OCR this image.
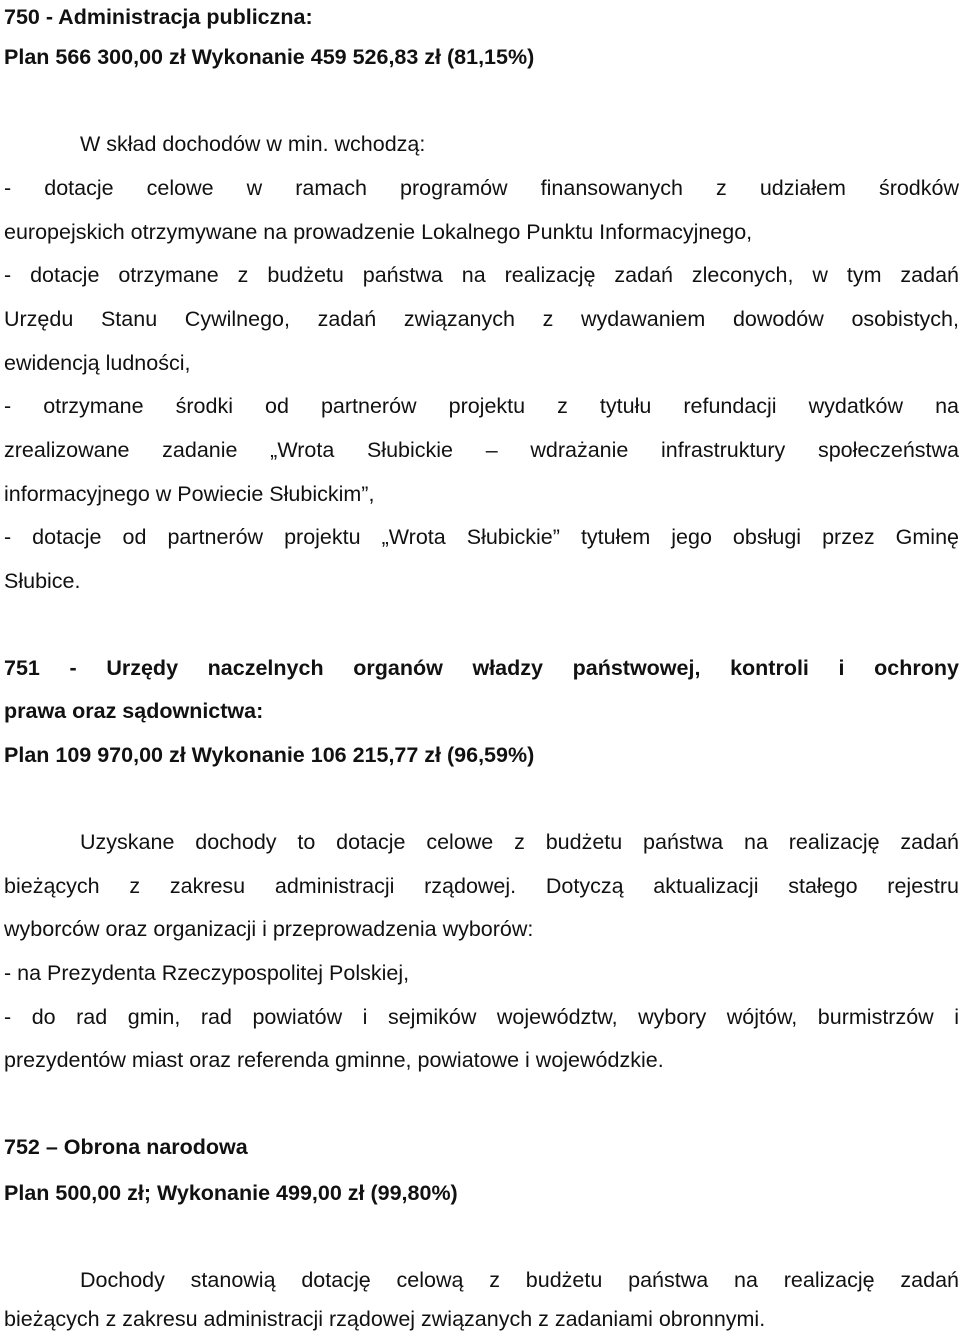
750 - Administracja publiczna:
Plan 566 300,00 zł Wykonanie 459 526,83 zł (81,15%)
W skład dochodów w min. wchodzą:
- dotacje celowe w ramach programów finansowanych z udziałem środków
europejskich otrzymywane na prowadzenie Lokalnego Punktu Informacyjnego,
- dotacje otrzymane z budżetu państwa na realizację zadań zleconych, w tym zadań
Urzędu Stanu Cywilnego, zadań związanych z wydawaniem dowodów osobistych,
ewidencją ludności,
- otrzymane środki od partnerów projektu z tytułu refundacji wydatków na
zrealizowane zadanie „Wrota Słubickie – wdrażanie infrastruktury społeczeństwa
informacyjnego w Powiecie Słubickim”,
- dotacje od partnerów projektu „Wrota Słubickie” tytułem jego obsługi przez Gminę
Słubice.
751 - Urzędy naczelnych organów władzy państwowej, kontroli i ochrony
prawa oraz sądownictwa:
Plan 109 970,00 zł Wykonanie 106 215,77 zł (96,59%)
Uzyskane dochody to dotacje celowe z budżetu państwa na realizację zadań
bieżących z zakresu administracji rządowej. Dotyczą aktualizacji stałego rejestru
wyborców oraz organizacji i przeprowadzenia wyborów:
- na Prezydenta Rzeczypospolitej Polskiej,
- do rad gmin, rad powiatów i sejmików województw, wybory wójtów, burmistrzów i
prezydentów miast oraz referenda gminne, powiatowe i wojewódzkie.
752 – Obrona narodowa
Plan 500,00 zł; Wykonanie 499,00 zł (99,80%)
Dochody stanowią dotację celową z budżetu państwa na realizację zadań
bieżących z zakresu administracji rządowej związanych z zadaniami obronnymi.
